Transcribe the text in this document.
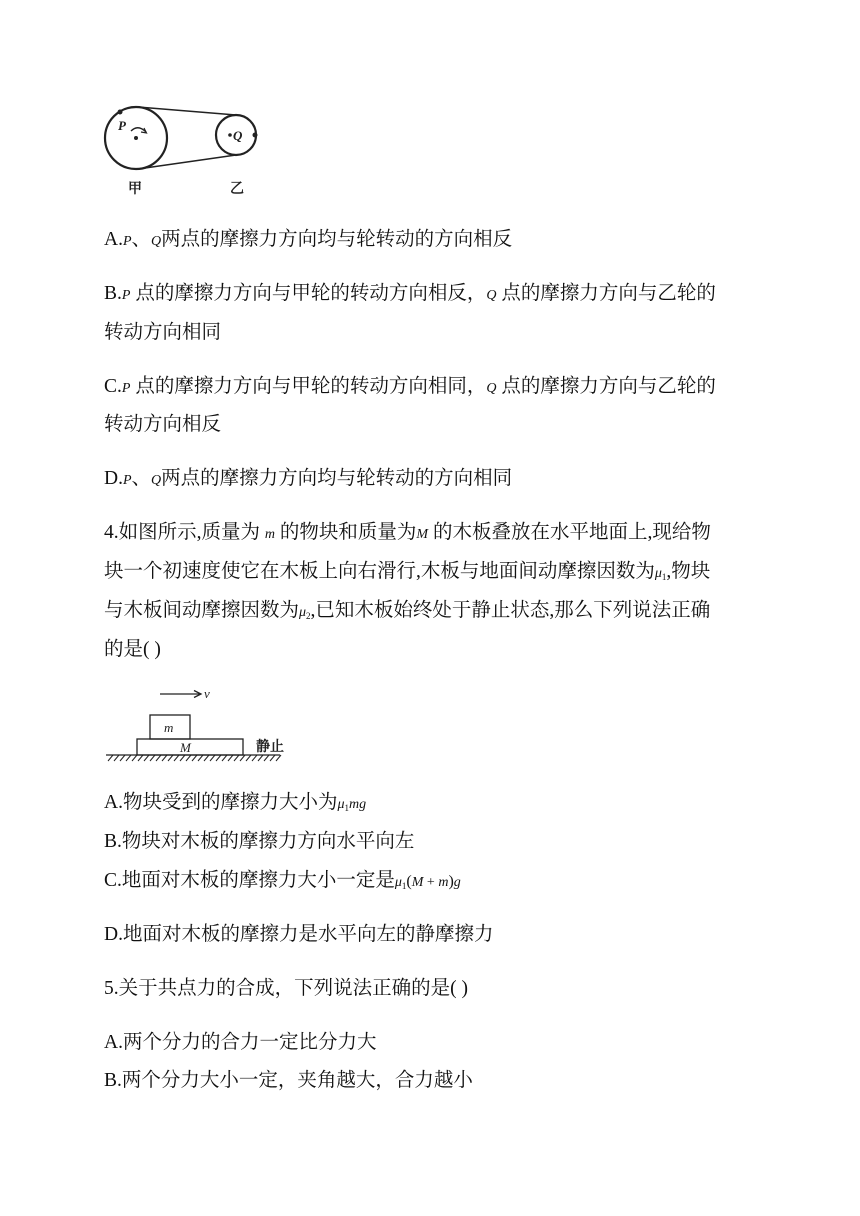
P
Q
甲	乙
A.P、Q两点的摩擦力方向均与轮转动的方向相反
B.P 点的摩擦力方向与甲轮的转动方向相反，Q 点的摩擦力方向与乙轮的
转动方向相同
C.P 点的摩擦力方向与甲轮的转动方向相同，Q 点的摩擦力方向与乙轮的
转动方向相反
D.P、Q两点的摩擦力方向均与轮转动的方向相同
4.如图所示,质量为 m 的物块和质量为M 的木板叠放在水平地面上,现给物
块一个初速度使它在木板上向右滑行,木板与地面间动摩擦因数为$\mu_1$,物块
与木板间动摩擦因数为$\mu_2$,已知木板始终处于静止状态,那么下列说法正确
的是( )
v
m
M	静止
A.物块受到的摩擦力大小为$\mu_1mg$
B.物块对木板的摩擦力方向水平向左
C.地面对木板的摩擦力大小一定是$\mu_1(M + m)g$
D.地面对木板的摩擦力是水平向左的静摩擦力
5.关于共点力的合成，下列说法正确的是( )
A.两个分力的合力一定比分力大
B.两个分力大小一定，夹角越大，合力越小
